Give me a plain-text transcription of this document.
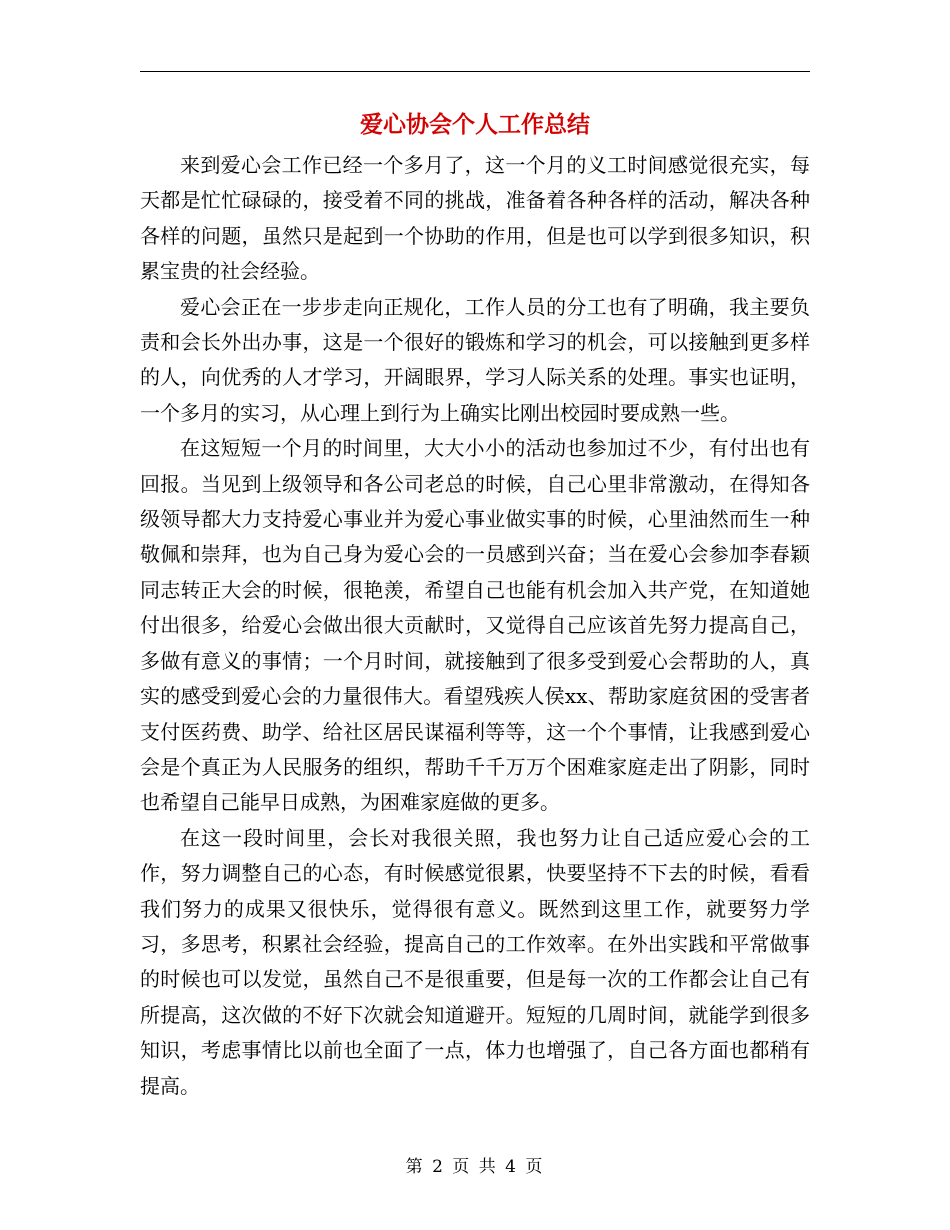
爱心协会个人工作总结

来到爱心会工作已经一个多月了，这一个月的义工时间感觉很充实，每天都是忙忙碌碌的，接受着不同的挑战，准备着各种各样的活动，解决各种各样的问题，虽然只是起到一个协助的作用，但是也可以学到很多知识，积累宝贵的社会经验。

爱心会正在一步步走向正规化，工作人员的分工也有了明确，我主要负责和会长外出办事，这是一个很好的锻炼和学习的机会，可以接触到更多样的人，向优秀的人才学习，开阔眼界，学习人际关系的处理。事实也证明，一个多月的实习，从心理上到行为上确实比刚出校园时要成熟一些。

在这短短一个月的时间里，大大小小的活动也参加过不少，有付出也有回报。当见到上级领导和各公司老总的时候，自己心里非常激动，在得知各级领导都大力支持爱心事业并为爱心事业做实事的时候，心里油然而生一种敬佩和崇拜，也为自己身为爱心会的一员感到兴奋；当在爱心会参加李春颖同志转正大会的时候，很艳羡，希望自己也能有机会加入共产党，在知道她付出很多，给爱心会做出很大贡献时，又觉得自己应该首先努力提高自己，多做有意义的事情；一个月时间，就接触到了很多受到爱心会帮助的人，真实的感受到爱心会的力量很伟大。看望残疾人侯xx、帮助家庭贫困的受害者支付医药费、助学、给社区居民谋福利等等，这一个个事情，让我感到爱心会是个真正为人民服务的组织，帮助千千万万个困难家庭走出了阴影，同时也希望自己能早日成熟，为困难家庭做的更多。

在这一段时间里，会长对我很关照，我也努力让自己适应爱心会的工作，努力调整自己的心态，有时候感觉很累，快要坚持不下去的时候，看看我们努力的成果又很快乐，觉得很有意义。既然到这里工作，就要努力学习，多思考，积累社会经验，提高自己的工作效率。在外出实践和平常做事的时候也可以发觉，虽然自己不是很重要，但是每一次的工作都会让自己有所提高，这次做的不好下次就会知道避开。短短的几周时间，就能学到很多知识，考虑事情比以前也全面了一点，体力也增强了，自己各方面也都稍有提高。

第 2 页 共 4 页
